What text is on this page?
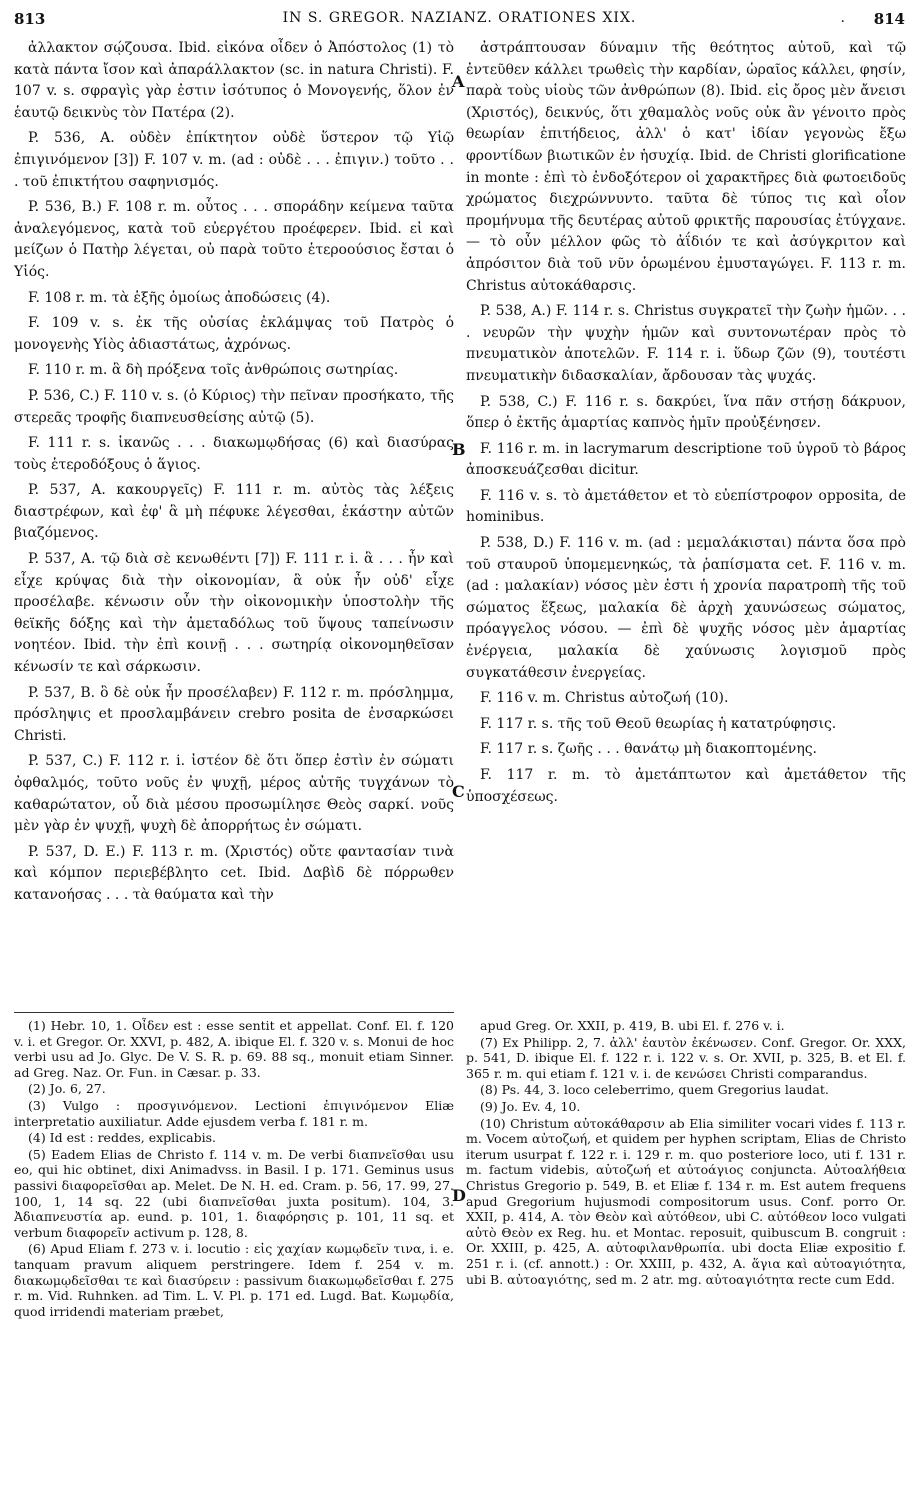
813	IN S. GREGOR. NAZIANZ. ORATIONES XIX.	814
.

ἀλλακτον σῴζουσα. Ibid. εἰκόνα οἶδεν ὁ Ἀπόστολος (1) τὸ κατὰ πάντα ἴσον καὶ ἀπαράλλακτον (sc. in natura Christi). F. 107 v. s. σφραγὶς γὰρ ἐστιν ἰσότυπος ὁ Μονογενής, ὅλον ἐν ἑαυτῷ δεικνὺς τὸν Πατέρα (2).

P. 536, A. οὐδὲν ἐπίκτητον οὐδὲ ὕστερον τῷ Υἱῷ ἐπιγινόμενον [3]) F. 107 v. m. (ad : οὐδὲ . . . ἐπιγιν.) τοῦτο . . . τοῦ ἐπικτήτου σαφηνισμός.

P. 536, B.) F. 108 r. m. οὗτος . . . σποράδην κείμενα ταῦτα ἀναλεγόμενος, κατὰ τοῦ εὐεργέτου προέφερεν. Ibid. εἰ καὶ μείζων ὁ Πατὴρ λέγεται, οὐ παρὰ τοῦτο ἑτεροούσιος ἔσται ὁ Υἱός.

F. 108 r. m. τὰ ἑξῆς ὁμοίως ἀποδώσεις (4).

F. 109 v. s. ἐκ τῆς οὐσίας ἐκλάμψας τοῦ Πατρὸς ὁ μονογενὴς Υἱὸς ἀδιαστάτως, ἀχρόνως.

F. 110 r. m. ἃ δὴ πρόξενα τοῖς ἀνθρώποις σωτηρίας.

P. 536, C.) F. 110 v. s. (ὁ Κύριος) τὴν πεῖναν προσήκατο, τῆς στερεᾶς τροφῆς διαπνευσθείσης αὐτῷ (5).

F. 111 r. s. ἱκανῶς . . . διακωμῳδήσας (6) καὶ διασύρας τοὺς ἑτεροδόξους ὁ ἅγιος.

P. 537, A. κακουργεῖς) F. 111 r. m. αὐτὸς τὰς λέξεις διαστρέφων, καὶ ἐφ' ἃ μὴ πέφυκε λέγεσθαι, ἑκάστην αὐτῶν βιαζόμενος.

P. 537, A. τῷ διὰ σὲ κενωθέντι [7]) F. 111 r. i. ἃ . . . ἦν καὶ εἶχε κρύψας διὰ τὴν οἰκονομίαν, ἃ οὐκ ἦν οὐδ' εἶχε προσέλαβε. κένωσιν οὖν τὴν οἰκονομικὴν ὑποστολὴν τῆς θεϊκῆς δόξης καὶ τὴν ἀμεταδόλως τοῦ ὕψους ταπείνωσιν νοητέον. Ibid. τὴν ἐπὶ κοινῇ . . . σωτηρίᾳ οἰκονομηθεῖσαν κένωσίν τε καὶ σάρκωσιν.

P. 537, B. ὃ δὲ οὐκ ἦν προσέλαβεν) F. 112 r. m. πρόσλημμα, πρόσληψις et προσλαμβάνειν crebro posita de ἐνσαρκώσει Christi.

P. 537, C.) F. 112 r. i. ἰστέον δὲ ὅτι ὅπερ ἐστὶν ἐν σώματι ὀφθαλμός, τοῦτο νοῦς ἐν ψυχῇ, μέρος αὐτῆς τυγχάνων τὸ καθαρώτατον, οὗ διὰ μέσου προσωμίλησε Θεὸς σαρκί. νοῦς μὲν γὰρ ἐν ψυχῇ, ψυχὴ δὲ ἀπορρήτως ἐν σώματι.

P. 537, D. E.) F. 113 r. m. (Χριστός) οὔτε φαντασίαν τινὰ καὶ κόμπον περιεβέβλητο cet. Ibid. Δαβὶδ δὲ πόρρωθεν κατανοήσας . . . τὰ θαύματα καὶ τὴν

A
B
C
D

ἀστράπτουσαν δύναμιν τῆς θεότητος αὐτοῦ, καὶ τῷ ἐντεῦθεν κάλλει τρωθεὶς τὴν καρδίαν, ὡραῖος κάλλει, φησίν, παρὰ τοὺς υἱοὺς τῶν ἀνθρώπων (8). Ibid. εἰς ὄρος μὲν ἄνεισι (Χριστός), δεικνύς, ὅτι χθαμαλὸς νοῦς οὐκ ἂν γένοιτο πρὸς θεωρίαν ἐπιτήδειος, ἀλλ' ὁ κατ' ἰδίαν γεγονὼς ἔξω φροντίδων βιωτικῶν ἐν ἡσυχίᾳ. Ibid. de Christi glorificatione in monte : ἐπὶ τὸ ἐνδοξότερον οἱ χαρακτῆρες διὰ φωτοειδοῦς χρώματος διεχρώννυντο. ταῦτα δὲ τύπος τις καὶ οἷον προμήνυμα τῆς δευτέρας αὐτοῦ φρικτῆς παρουσίας ἐτύγχανε. — τὸ οὖν μέλλον φῶς τὸ ἀΐδιόν τε καὶ ἀσύγκριτον καὶ ἀπρόσιτον διὰ τοῦ νῦν ὁρωμένου ἐμυσταγώγει. F. 113 r. m. Christus αὐτοκάθαρσις.

P. 538, A.) F. 114 r. s. Christus συγκρατεῖ τὴν ζωὴν ἡμῶν. . . . νευρῶν τὴν ψυχὴν ἡμῶν καὶ συντονωτέραν πρὸς τὸ πνευματικὸν ἀποτελῶν. F. 114 r. i. ὕδωρ ζῶν (9), τουτέστι πνευματικὴν διδασκαλίαν, ἄρδουσαν τὰς ψυχάς.

P. 538, C.) F. 116 r. s. δακρύει, ἵνα πᾶν στήσῃ δάκρυον, ὅπερ ὁ ἐκτῆς ἁμαρτίας καπνὸς ἡμῖν προὐξένησεν.

F. 116 r. m. in lacrymarum descriptione τοῦ ὑγροῦ τὸ βάρος ἀποσκευάζεσθαι dicitur.

F. 116 v. s. τὸ ἀμετάθετον et τὸ εὐεπίστροφον opposita, de hominibus.

P. 538, D.) F. 116 v. m. (ad : μεμαλάκισται) πάντα ὅσα πρὸ τοῦ σταυροῦ ὑπομεμενηκώς, τὰ ῥαπίσματα cet. F. 116 v. m. (ad : μαλακίαν) νόσος μὲν ἐστι ἡ χρονία παρατροπὴ τῆς τοῦ σώματος ἕξεως, μαλακία δὲ ἀρχὴ χαυνώσεως σώματος, πρόαγγελος νόσου. — ἐπὶ δὲ ψυχῆς νόσος μὲν ἁμαρτίας ἐνέργεια, μαλακία δὲ χαύνωσις λογισμοῦ πρὸς συγκατάθεσιν ἐνεργείας.

F. 116 v. m. Christus αὐτοζωή (10).

F. 117 r. s. τῆς τοῦ Θεοῦ θεωρίας ἡ κατατρύφησις.

F. 117 r. s. ζωῆς . . . θανάτῳ μὴ διακοπτομένης.

F. 117 r. m. τὸ ἀμετάπτωτον καὶ ἀμετάθετον τῆς ὑποσχέσεως.

(1) Hebr. 10, 1. Οἶδεν est : esse sentit et appellat. Conf. El. f. 120 v. i. et Gregor. Or. XXVI, p. 482, A. ibique El. f. 320 v. s. Monui de hoc verbi usu ad Jo. Glyc. De V. S. R. p. 69. 88 sq., monuit etiam Sinner. ad Greg. Naz. Or. Fun. in Cæsar. p. 33.

(2) Jo. 6, 27.

(3) Vulgo : προσγινόμενον. Lectioni ἐπιγινόμενον Eliæ interpretatio auxiliatur. Adde ejusdem verba f. 181 r. m.

(4) Id est : reddes, explicabis.

(5) Eadem Elias de Christo f. 114 v. m. De verbi διαπνεῖσθαι usu eo, qui hic obtinet, dixi Animadvss. in Basil. I p. 171. Geminus usus passivi διαφορεῖσθαι ap. Melet. De N. H. ed. Cram. p. 56, 17. 99, 27. 100, 1, 14 sq. 22 (ubi διαπνεῖσθαι juxta positum). 104, 3. Ἀδιαπνευστία ap. eund. p. 101, 1. διαφόρησις p. 101, 11 sq. et verbum διαφορεῖν activum p. 128, 8.

(6) Apud Eliam f. 273 v. i. locutio : εἰς χαχίαν κωμῳδεῖν τινα, i. e. tanquam pravum aliquem perstringere. Idem f. 254 v. m. διακωμῳδεῖσθαι τε καὶ διασύρειν : passivum διακωμῳδεῖσθαι f. 275 r. m. Vid. Ruhnken. ad Tim. L. V. Pl. p. 171 ed. Lugd. Bat. Κωμῳδία, quod irridendi materiam præbet,

apud Greg. Or. XXII, p. 419, B. ubi El. f. 276 v. i.

(7) Ex Philipp. 2, 7. ἀλλ' ἑαυτὸν ἐκένωσεν. Conf. Gregor. Or. XXX, p. 541, D. ibique El. f. 122 r. i. 122 v. s. Or. XVII, p. 325, B. et El. f. 365 r. m. qui etiam f. 121 v. i. de κενώσει Christi comparandus.

(8) Ps. 44, 3. loco celeberrimo, quem Gregorius laudat.

(9) Jo. Ev. 4, 10.

(10) Christum αὐτοκάθαρσιν ab Elia similiter vocari vides f. 113 r. m. Vocem αὐτοζωή, et quidem per hyphen scriptam, Elias de Christo iterum usurpat f. 122 r. i. 129 r. m. quo posteriore loco, uti f. 131 r. m. factum videbis, αὐτοζωή et αὐτοάγιος conjuncta. Αὐτοαλήθεια Christus Gregorio p. 549, B. et Eliæ f. 134 r. m. Est autem frequens apud Gregorium hujusmodi compositorum usus. Conf. porro Or. XXII, p. 414, A. τὸν Θεὸν καὶ αὐτόθεον, ubi C. αὐτόθεον loco vulgati αὐτὸ Θεὸν ex Reg. hu. et Montac. reposuit, quibuscum B. congruit : Or. XXIII, p. 425, A. αὐτοφιλανθρωπία. ubi docta Eliæ expositio f. 251 r. i. (cf. annott.) : Or. XXIII, p. 432, A. ἅγια καὶ αὐτοαγιότητα, ubi B. αὐτοαγιότης, sed m. 2 atr. mg. αὐτοαγιότητα recte cum Edd.
